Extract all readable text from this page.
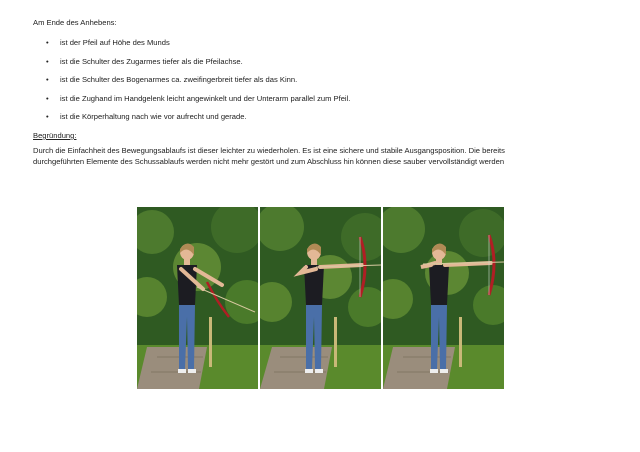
Am Ende des Anhebens:
• ist der Pfeil auf Höhe des Munds
• ist die Schulter des Zugarmes tiefer als die Pfeilachse.
• ist die Schulter des Bogenarmes ca. zweifingerbreit tiefer als das Kinn.
• ist die Zughand im Handgelenk leicht angewinkelt und der Unterarm parallel zum Pfeil.
• ist die Körperhaltung nach wie vor aufrecht und gerade.
Begründung:
Durch die Einfachheit des Bewegungsablaufs ist dieser leichter zu wiederholen. Es ist eine sichere und stabile Ausgangsposition. Die bereits
durchgeführten Elemente des Schussablaufs werden nicht mehr gestört und zum Abschluss hin können diese sauber vervollständigt werden
